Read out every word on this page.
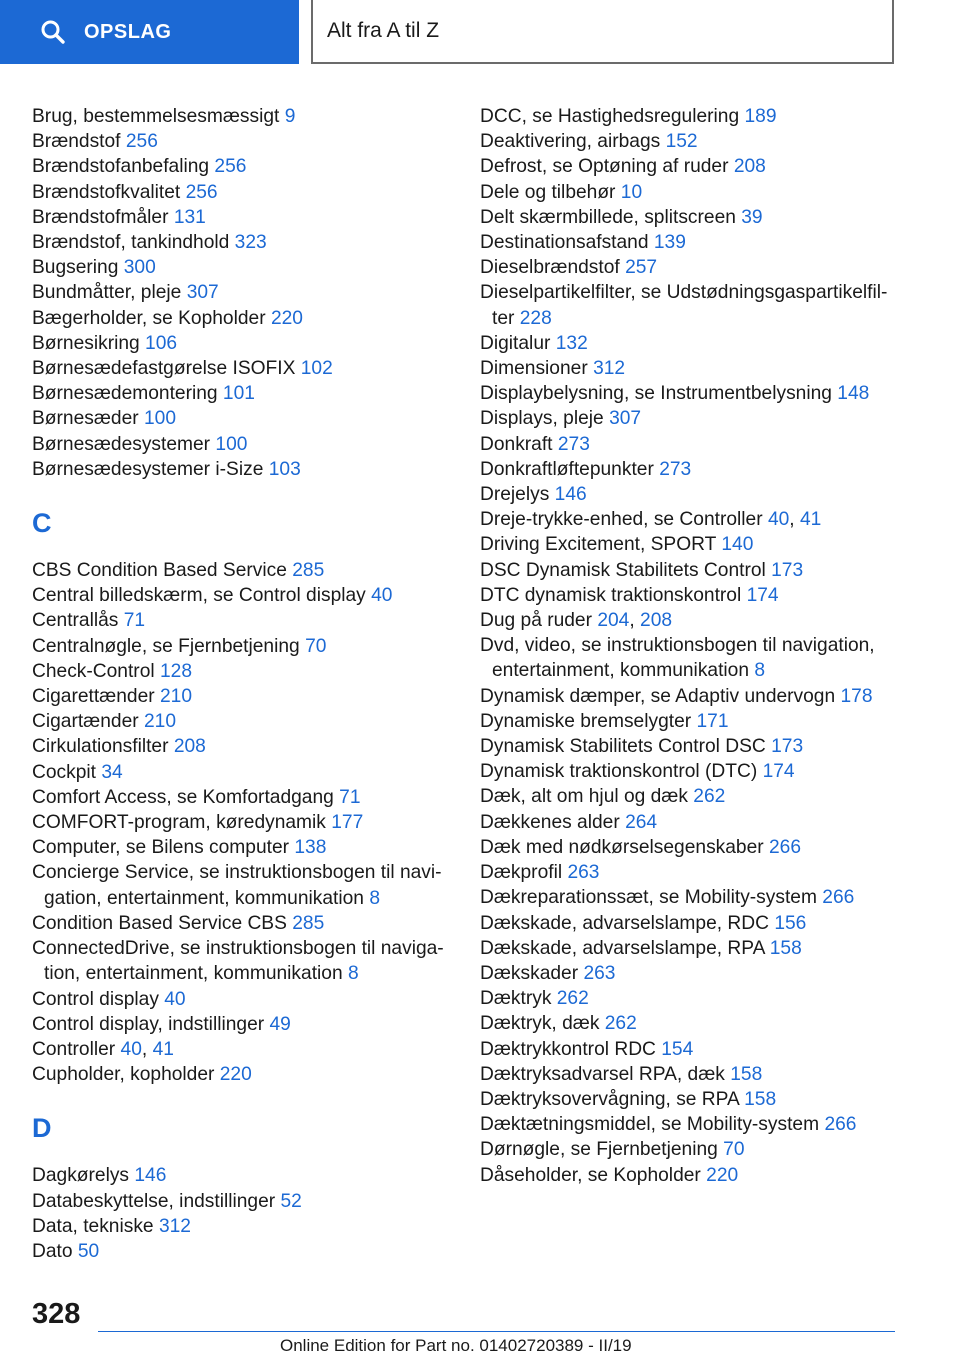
OPSLAG	Alt fra A til Z
Brug, bestemmelsesmæssigt 9
Brændstof 256
Brændstofanbefaling 256
Brændstofkvalitet 256
Brændstofmåler 131
Brændstof, tankindhold 323
Bugsering 300
Bundmåtter, pleje 307
Bægerholder, se Kopholder 220
Børnesikring 106
Børnesædefastgørelse ISOFIX 102
Børnesædemontering 101
Børnesæder 100
Børnesædesystemer 100
Børnesædesystemer i-Size 103
C
CBS Condition Based Service 285
Central billedskærm, se Control display 40
Centrallås 71
Centralnøgle, se Fjernbetjening 70
Check-Control 128
Cigarettænder 210
Cigartænder 210
Cirkulationsfilter 208
Cockpit 34
Comfort Access, se Komfortadgang 71
COMFORT-program, køredynamik 177
Computer, se Bilens computer 138
Concierge Service, se instruktionsbogen til navi-gation, entertainment, kommunikation 8
Condition Based Service CBS 285
ConnectedDrive, se instruktionsbogen til naviga-tion, entertainment, kommunikation 8
Control display 40
Control display, indstillinger 49
Controller 40, 41
Cupholder, kopholder 220
D
Dagkørelys 146
Databeskyttelse, indstillinger 52
Data, tekniske 312
Dato 50
DCC, se Hastighedsregulering 189
Deaktivering, airbags 152
Defrost, se Optøning af ruder 208
Dele og tilbehør 10
Delt skærmbillede, splitscreen 39
Destinationsafstand 139
Dieselbrændstof 257
Dieselpartikelfilter, se Udstødningsgaspartikelfil-ter 228
Digitalur 132
Dimensioner 312
Displaybelysning, se Instrumentbelysning 148
Displays, pleje 307
Donkraft 273
Donkraftløftepunkter 273
Drejelys 146
Dreje-trykke-enhed, se Controller 40, 41
Driving Excitement, SPORT 140
DSC Dynamisk Stabilitets Control 173
DTC dynamisk traktionskontrol 174
Dug på ruder 204, 208
Dvd, video, se instruktionsbogen til navigation, entertainment, kommunikation 8
Dynamisk dæmper, se Adaptiv undervogn 178
Dynamiske bremselygter 171
Dynamisk Stabilitets Control DSC 173
Dynamisk traktionskontrol (DTC) 174
Dæk, alt om hjul og dæk 262
Dækkenes alder 264
Dæk med nødkørselsegenskaber 266
Dækprofil 263
Dækreparationssæt, se Mobility-system 266
Dækskade, advarselslampe, RDC 156
Dækskade, advarselslampe, RPA 158
Dækskader 263
Dæktryk 262
Dæktryk, dæk 262
Dæktrykkontrol RDC 154
Dæktryksadvarsel RPA, dæk 158
Dæktryksovervågning, se RPA 158
Dæktætningsmiddel, se Mobility-system 266
Dørnøgle, se Fjernbetjening 70
Dåseholder, se Kopholder 220
328
Online Edition for Part no. 01402720389 - II/19
